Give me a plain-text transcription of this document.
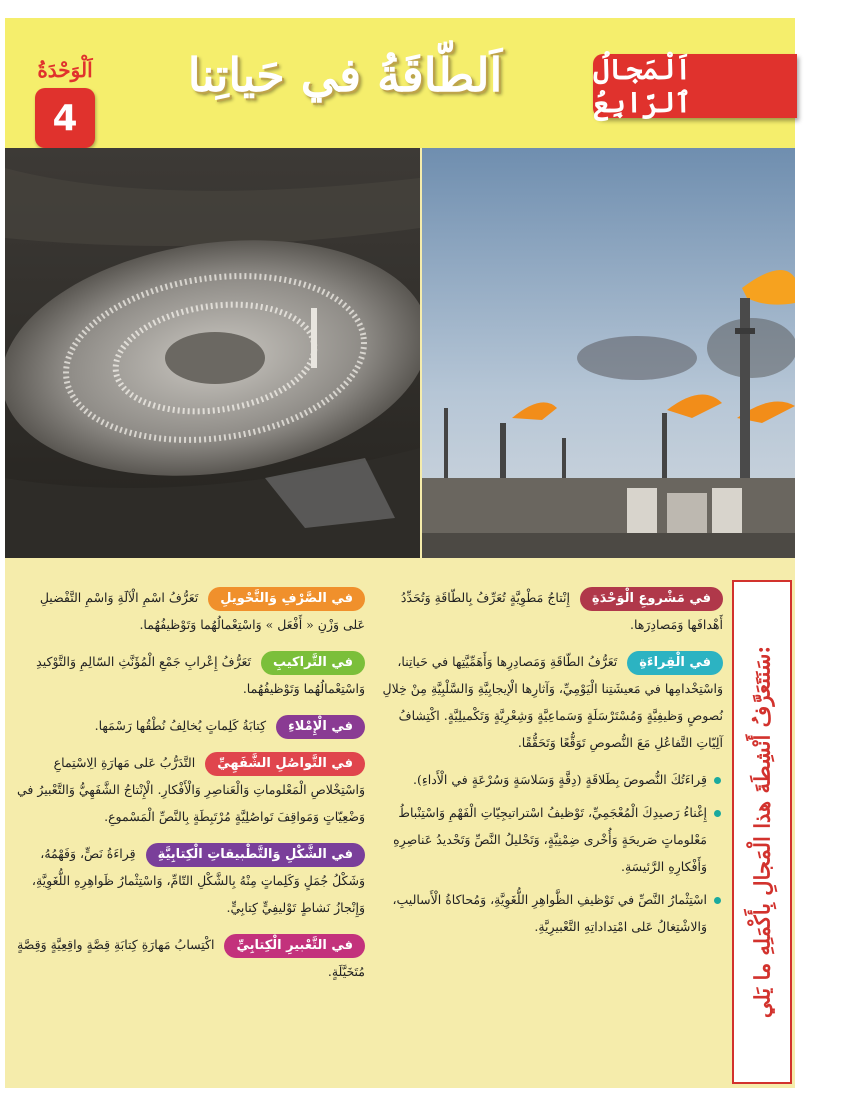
اَلْمَجالُ ٱلرّابِعُ
اَلطّاقَةُ في حَياتِنا
اَلْوَحْدَةُ
4
سَنَتَعَرَّفُ أَنْشِطَةَ هذا الْمَجالِ بِأَكْمَلِهِ ما يَلي:
في مَشْروعِ الْوَحْدَةِ إِنْتاجُ مَطْوِيَّةٍ تُعَرِّفُ بِالطّاقَةِ وَتُحَدِّدُ أَهْدافَها وَمَصادِرَها.
في الْقِراءَةِ تَعَرُّفُ الطّاقَةِ وَمَصادِرِها وَأَهَمِّيَّتِها في حَياتِنا، وَاسْتِخْدامِها في مَعيشَتِنا الْيَوْمِيِّ، وَآثارِها الْإيجابِيَّةِ وَالسَّلْبِيَّةِ مِنْ خِلالِ نُصوصٍ وَظيفِيَّةٍ وَمُسْتَرْسَلَةٍ وَسَماعِيَّةٍ وَشِعْرِيَّةٍ وَتَكْميلِيَّةٍ. اكْتِشافُ آلِيّاتِ التَّفاعُلِ مَعَ النُّصوصِ تَوَقُّعًا وَتَحَقُّقًا.
قِراءَتُكَ النُّصوصَ بِطَلاقَةٍ (دِقَّةٍ وَسَلاسَةٍ وَسُرْعَةٍ في الْأَداءِ).
إِغْناءُ رَصيدِكَ الْمُعْجَمِيِّ، تَوْظيفُ اسْتراتيجِيّاتِ الْفَهْمِ وَاسْتِنْباطُ مَعْلوماتٍ صَريحَةٍ وَأُخْرى ضِمْنِيَّةٍ، وَتَحْليلُ النَّصِّ وَتَحْديدُ عَناصِرِهِ وَأَفْكارِهِ الرَّئيسَةِ.
اسْتِثْمارُ النَّصِّ في تَوْظيفِ الظَّواهِرِ اللُّغَوِيَّةِ، وَمُحاكاةُ الْأَساليبِ، وَالاشْتِغالُ عَلى امْتِداداتِهِ التَّعْبيرِيَّةِ.
في الصَّرْفِ وَالتَّحْويلِ تَعَرُّفُ اسْمِ الْآلَةِ وَاسْمِ التَّفْضيلِ عَلى وَزْنِ « أَفْعَل » وَاسْتِعْمالُهُما وَتَوْظيفُهُما.
في التَّراكيبِ تَعَرُّفُ إِعْرابِ جَمْعِ الْمُؤَنَّثِ السّالِمِ وَالتَّوْكيدِ وَاسْتِعْمالُهُما وَتَوْظيفُهُما.
في الْإِمْلاءِ كِتابَةُ كَلِماتٍ يُخالِفُ نُطْقُها رَسْمَها.
في التَّواصُلِ الشَّفَهِيِّ التَّدَرُّبُ عَلى مَهارَةِ الِاسْتِماعِ وَاسْتِخْلاصِ الْمَعْلوماتِ وَالْعَناصِرِ وَالْأَفْكارِ. الْإِنْتاجُ الشَّفَهِيُّ وَالتَّعْبيرُ في وَضْعِيّاتٍ وَمَواقِفَ تَواصُلِيَّةٍ مُرْتَبِطَةٍ بِالنَّصِّ الْمَسْموعِ.
في الشَّكْلِ وَالتَّطْبيقاتِ الْكِتابِيَّةِ قِراءَةُ نَصٍّ، وَفَهْمُهُ، وَشَكْلُ جُمَلٍ وَكَلِماتٍ مِنْهُ بِالشَّكْلِ التّامِّ، وَاسْتِثْمارُ ظَواهِرِهِ اللُّغَوِيَّةِ، وَإِنْجازُ نَشاطٍ تَوْليفِيٍّ كِتابِيٍّ.
في التَّعْبيرِ الْكِتابِيِّ اكْتِسابُ مَهارَةِ كِتابَةِ قِصَّةٍ واقِعِيَّةٍ وَقِصَّةٍ مُتَخَيَّلَةٍ.
